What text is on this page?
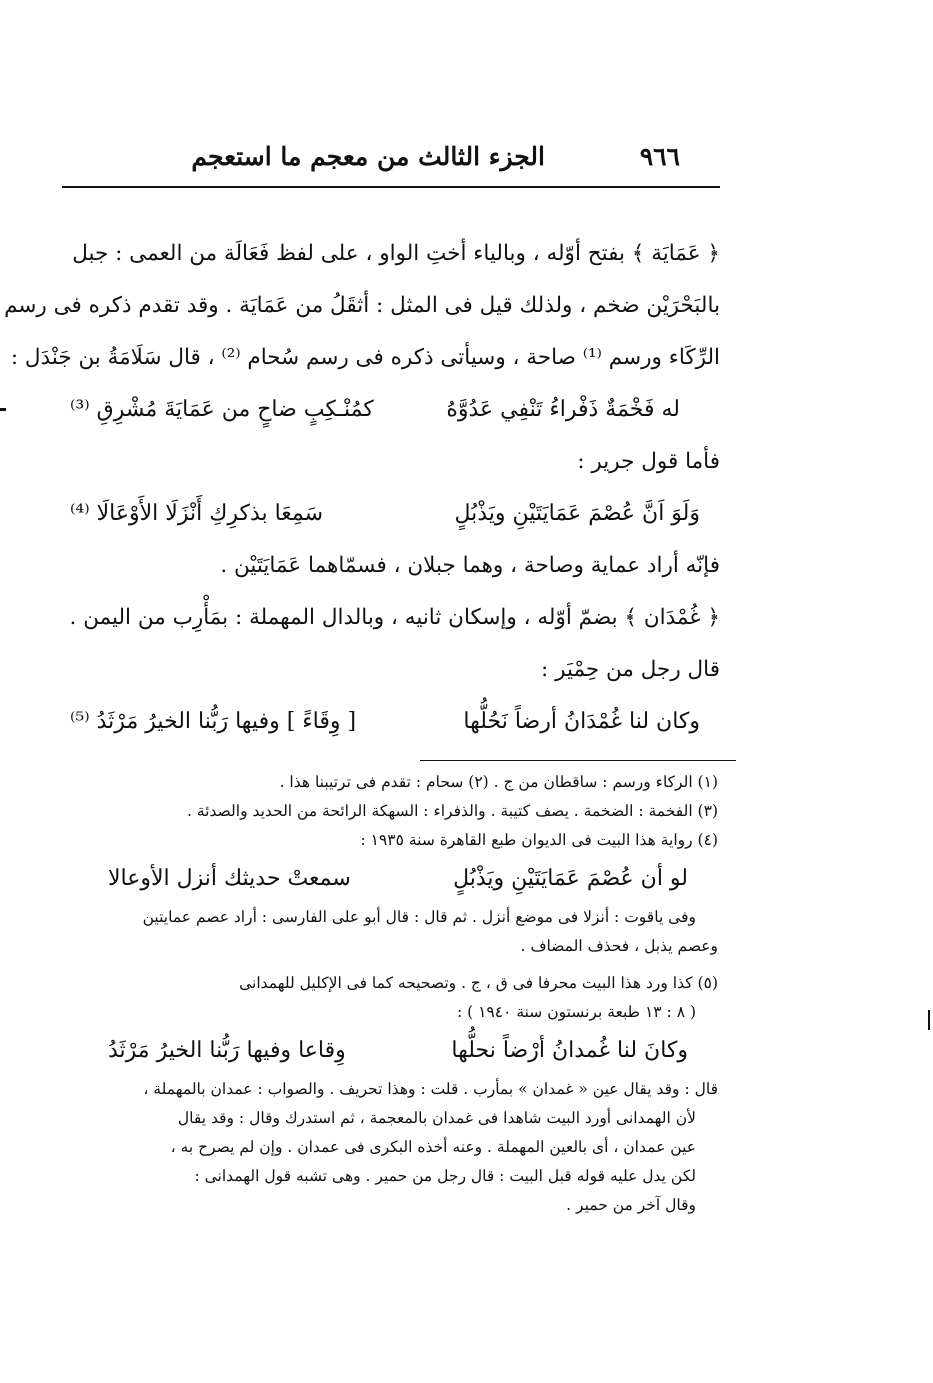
٩٦٦
الجزء الثالث من معجم ما استعجم
﴿ عَمَايَة ﴾ بفتح أوّله ، وبالياء أختِ الواو ، على لفظ فَعَالَة من العمى : جبل
بالبَحْرَيْن ضخم ، ولذلك قيل فى المثل : أثقَلُ من عَمَايَة . وقد تقدم ذكره فى رسم
الرِّكَاء ورسم ⁽¹⁾ صاحة ، وسيأتى ذكره فى رسم سُحام ⁽²⁾ ، قال سَلَامَةُ بن جَنْدَل :
له فَخْمَةٌ ذَفْراءُ تَنْفِي عَدُوَّهُ
كمُنْـكِبٍ ضاحٍ من عَمَايَةَ مُشْرِقِ ⁽³⁾
فأما قول جرير :
وَلَوَ اَنَّ عُصْمَ عَمَايَتَيْنِ ويَذْبُلٍ
سَمِعَا بذكرِكِ أَنْزَلَا الأَوْعَالَا ⁽⁴⁾
فإنّه أراد عماية وصاحة ، وهما جبلان ، فسمّاهما عَمَايَتَيْن .
﴿ غُمْدَان ﴾ بضمّ أوّله ، وإسكان ثانيه ، وبالدال المهملة : بمَأْرِب من اليمن .
قال رجل من حِمْيَر :
وكان لنا غُمْدَانُ أرضاً نَحُلُّها
[ وِقَاءً ] وفيها رَبُّنا الخيرُ مَرْثَدُ ⁽⁵⁾
(١) الركاء ورسم : ساقطان من ج . (٢) سحام : تقدم فى ترتيبنا هذا .
(٣) الفخمة : الضخمة . يصف كتيبة . والذفراء : السهكة الرائحة من الحديد والصدئة .
(٤) رواية هذا البيت فى الديوان طبع القاهرة سنة ١٩٣٥ :
لو أن عُصْمَ عَمَايَتَيْنِ ويَذْبُلٍ
سمعتْ حديثك أنزل الأوعالا
وفى ياقوت : أنزلا فى موضع أنزل . ثم قال : قال أبو على الفارسى : أراد عصم عمايتين
وعصم يذبل ، فحذف المضاف .
(٥) كذا ورد هذا البيت محرفا فى ق ، ج . وتصحيحه كما فى الإكليل للهمدانى
( ٨ : ١٣ طبعة برنستون سنة ١٩٤٠ ) :
وكانَ لنا غُمدانُ أرْضاً نحلُّها
وِقاعا وفيها رَبُّنا الخيرُ مَرْثَدُ
قال : وقد يقال عين « غمدان » بمأرب . قلت : وهذا تحريف . والصواب : عمدان بالمهملة ،
لأن الهمدانى أورد البيت شاهدا فى غمدان بالمعجمة ، ثم استدرك وقال : وقد يقال
عين عمدان ، أى بالعين المهملة . وعنه أخذه البكرى فى عمدان . وإن لم يصرح به ،
لكن يدل عليه قوله قبل البيت : قال رجل من حمير . وهى تشبه قول الهمدانى :
وقال آخر من حمير .
